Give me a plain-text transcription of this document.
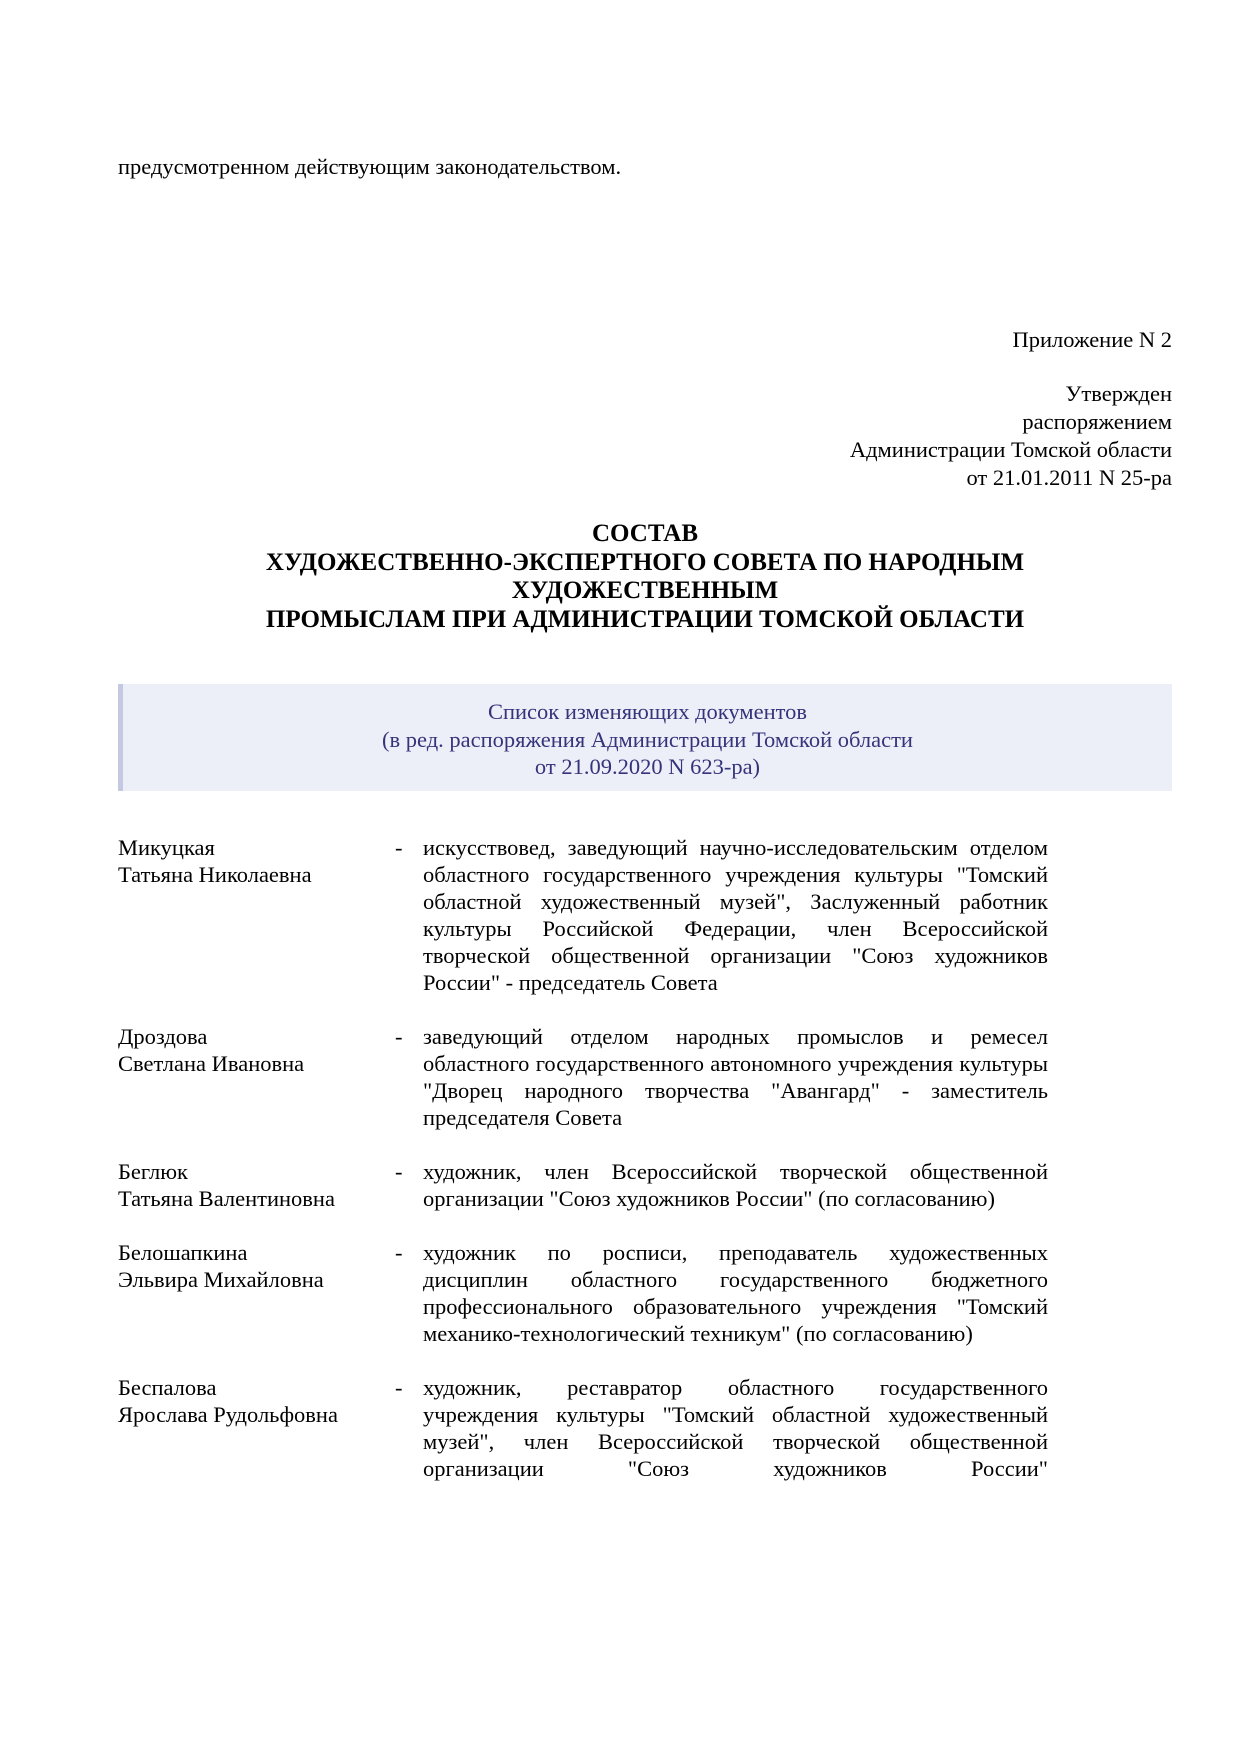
предусмотренном действующим законодательством.

Приложение N 2

Утвержден
распоряжением
Администрации Томской области
от 21.01.2011 N 25-ра
СОСТАВ
ХУДОЖЕСТВЕННО-ЭКСПЕРТНОГО СОВЕТА ПО НАРОДНЫМ
ХУДОЖЕСТВЕННЫМ
ПРОМЫСЛАМ ПРИ АДМИНИСТРАЦИИ ТОМСКОЙ ОБЛАСТИ
Список изменяющих документов
(в ред. распоряжения Администрации Томской области
от 21.09.2020 N 623-ра)
Микуцкая
Татьяна Николаевна
- искусствовед, заведующий научно-исследовательским отделом областного государственного учреждения культуры "Томский областной художественный музей", Заслуженный работник культуры Российской Федерации, член Всероссийской творческой общественной организации "Союз художников России" - председатель Совета
Дроздова
Светлана Ивановна
- заведующий отделом народных промыслов и ремесел областного государственного автономного учреждения культуры "Дворец народного творчества "Авангард" - заместитель председателя Совета
Беглюк
Татьяна Валентиновна
- художник, член Всероссийской творческой общественной организации "Союз художников России" (по согласованию)
Белошапкина
Эльвира Михайловна
- художник по росписи, преподаватель художественных дисциплин областного государственного бюджетного профессионального образовательного учреждения "Томский механико-технологический техникум" (по согласованию)
Беспалова
Ярослава Рудольфовна
- художник, реставратор областного государственного учреждения культуры "Томский областной художественный музей", член Всероссийской творческой общественной организации "Союз художников России"
